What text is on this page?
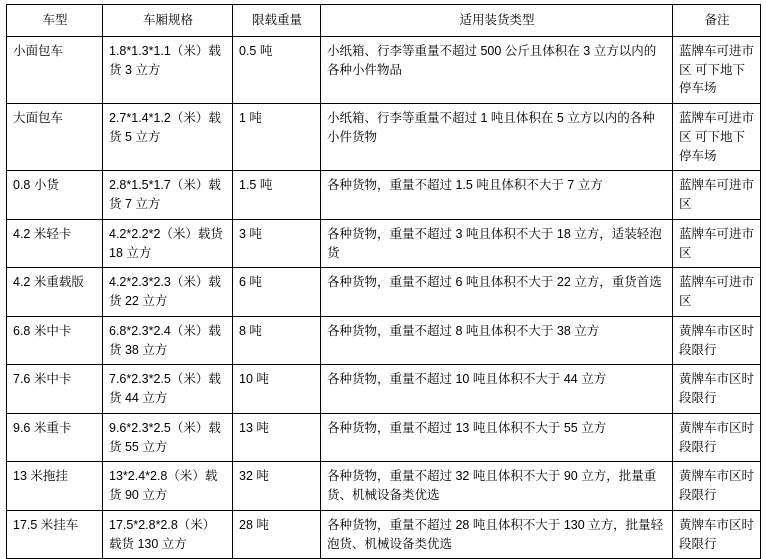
车型	车厢规格	限载重量	适用装货类型	备注
小面包车	1.8*1.3*1.1（米）载货 3 立方	0.5 吨	小纸箱、行李等重量不超过 500 公斤且体积在 3 立方以内的各种小件物品	蓝牌车可进市区 可下地下停车场
大面包车	2.7*1.4*1.2（米）载货 5 立方	1 吨	小纸箱、行李等重量不超过 1 吨且体积在 5 立方以内的各种小件货物	蓝牌车可进市区 可下地下停车场
0.8 小货	2.8*1.5*1.7（米）载货 7 立方	1.5 吨	各种货物，重量不超过 1.5 吨且体积不大于 7 立方	蓝牌车可进市区
4.2 米轻卡	4.2*2.2*2（米）载货 18 立方	3 吨	各种货物，重量不超过 3 吨且体积不大于 18 立方，适装轻泡货	蓝牌车可进市区
4.2 米重载版	4.2*2.3*2.3（米）载货 22 立方	6 吨	各种货物，重量不超过 6 吨且体积不大于 22 立方，重货首选	蓝牌车可进市区
6.8 米中卡	6.8*2.3*2.4（米）载货 38 立方	8 吨	各种货物，重量不超过 8 吨且体积不大于 38 立方	黄牌车市区时段限行
7.6 米中卡	7.6*2.3*2.5（米）载货 44 立方	10 吨	各种货物，重量不超过 10 吨且体积不大于 44 立方	黄牌车市区时段限行
9.6 米重卡	9.6*2.3*2.5（米）载货 55 立方	13 吨	各种货物，重量不超过 13 吨且体积不大于 55 立方	黄牌车市区时段限行
13 米拖挂	13*2.4*2.8（米）载货 90 立方	32 吨	各种货物，重量不超过 32 吨且体积不大于 90 立方，批量重货、机械设备类优选	黄牌车市区时段限行
17.5 米挂车	17.5*2.8*2.8（米）载货 130 立方	28 吨	各种货物，重量不超过 28 吨且体积不大于 130 立方，批量轻泡货、机械设备类优选	黄牌车市区时段限行
